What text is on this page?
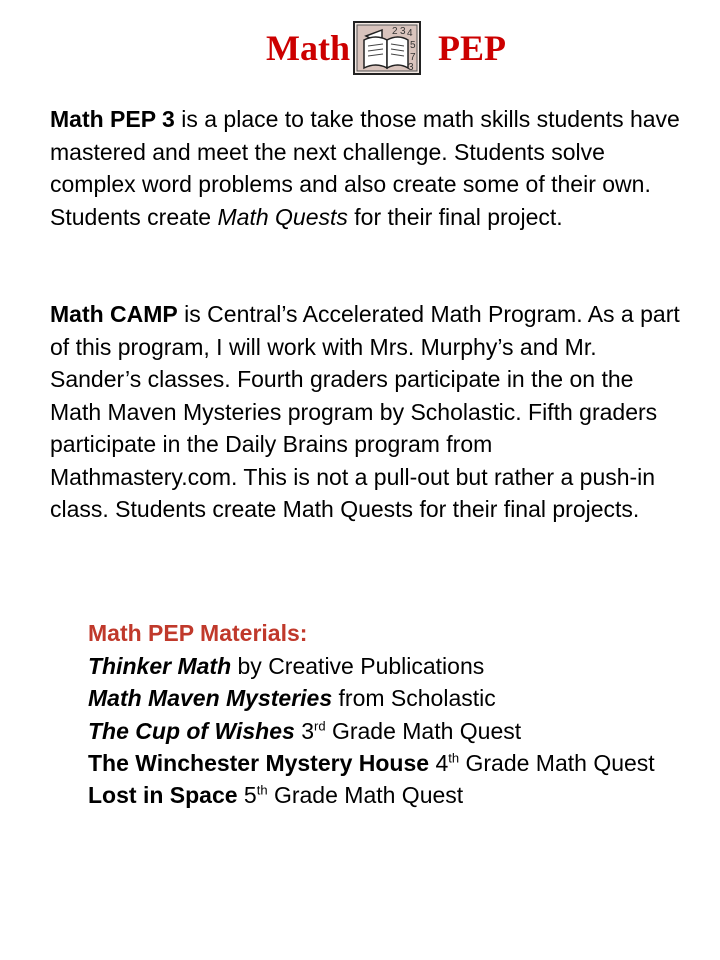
Math	2 3 4
5
7
3 PEP

Math PEP 3 is a place to take those math skills students have mastered and meet the next challenge. Students solve complex word problems and also create some of their own. Students create Math Quests for their final project.

Math CAMP is Central’s Accelerated Math Program. As a part of this program, I will work with Mrs. Murphy’s and Mr. Sander’s classes. Fourth graders participate in the on the Math Maven Mysteries program by Scholastic. Fifth graders participate in the Daily Brains program from Mathmastery.com. This is not a pull-out but rather a push-in class. Students create Math Quests for their final projects.

Math PEP Materials:
Thinker Math by Creative Publications
Math Maven Mysteries from Scholastic
The Cup of Wishes 3rd Grade Math Quest
The Winchester Mystery House 4th Grade Math Quest
Lost in Space 5th Grade Math Quest
